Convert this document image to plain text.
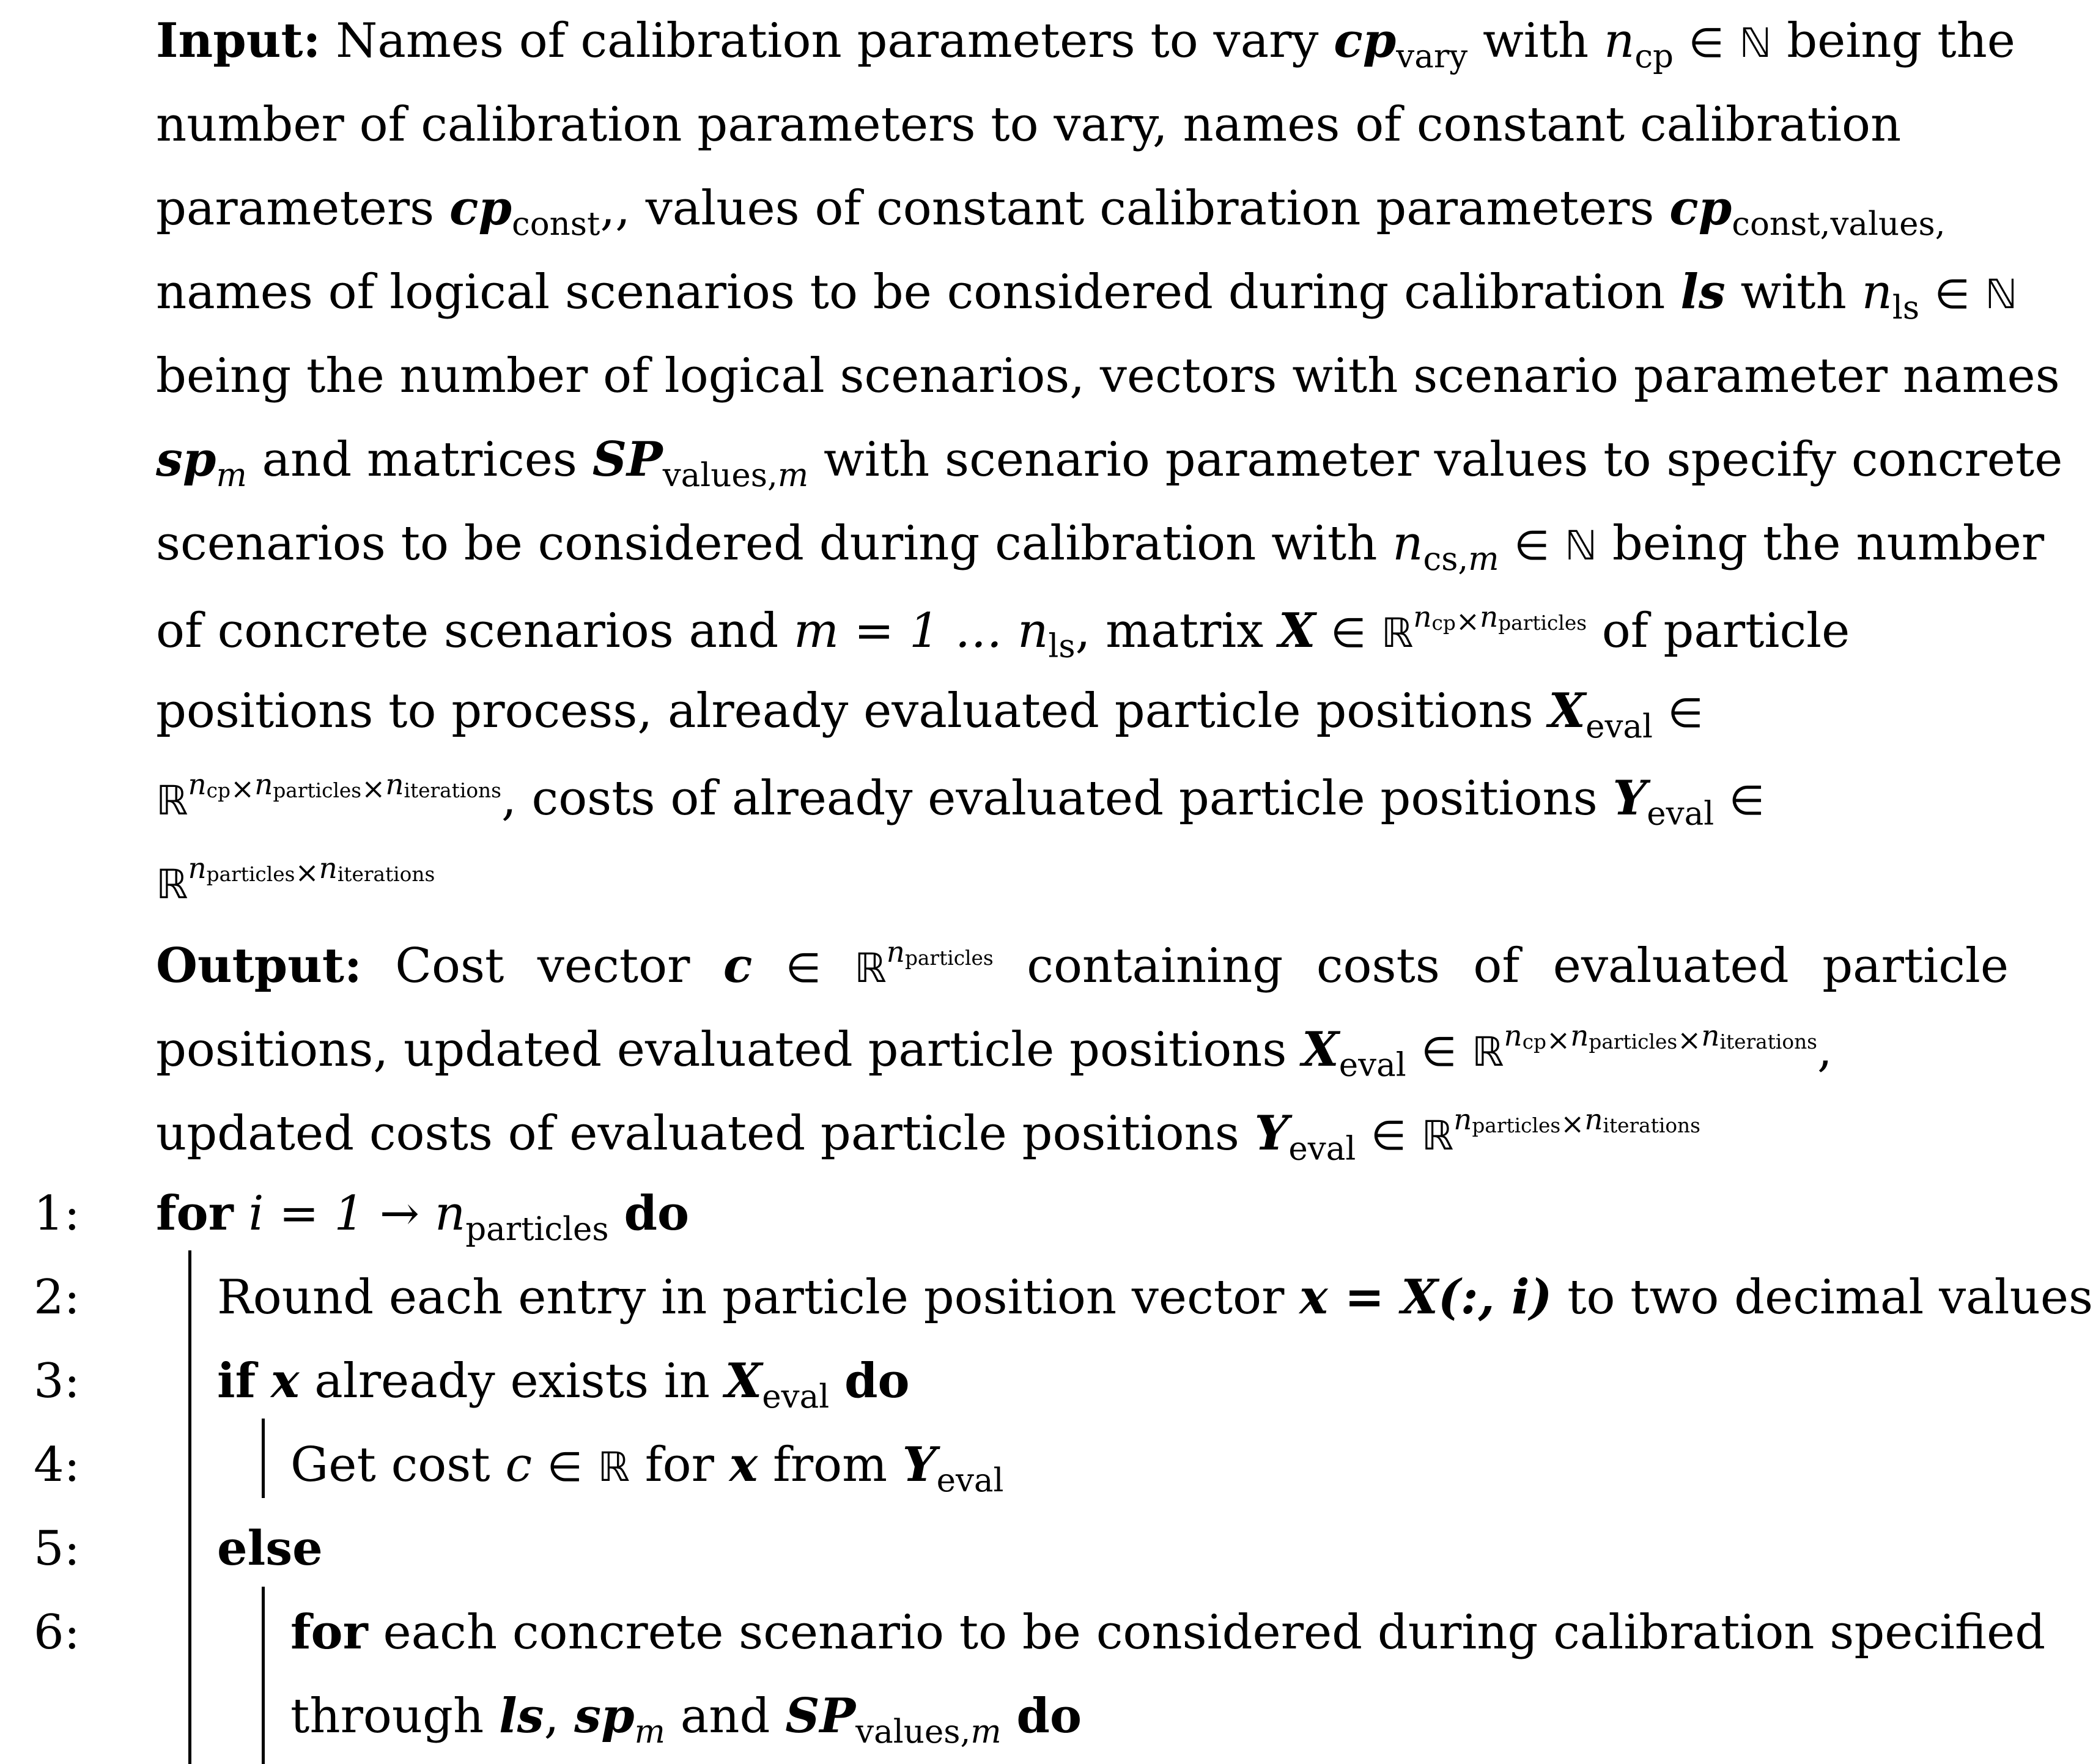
Input: Names of calibration parameters to vary $cp_{vary}$ with $n_{cp}$ ∈ ℕ being the
number of calibration parameters to vary, names of constant calibration
parameters $cp_{const}$,, values of constant calibration parameters $cp_{const,values,}$
names of logical scenarios to be considered during calibration ls with $n_{ls}$ ∈ ℕ
being the number of logical scenarios, vectors with scenario parameter names
$sp_m$ and matrices $SP_{values,m}$ with scenario parameter values to specify concrete
scenarios to be considered during calibration with $n_{cs,m}$ ∈ ℕ being the number
of concrete scenarios and m = 1 … $n_{ls}$, matrix X ∈ ℝ$^{ncp\times nparticles}$ of particle
positions to process, already evaluated particle positions $X_{eval}$ ∈
ℝ$^{ncp\times nparticles\times niterations}$, costs of already evaluated particle positions $Y_{eval}$ ∈
ℝ$^{nparticles\times niterations}$
Output: Cost vector c ∈ ℝ$^{nparticles}$ containing costs of evaluated particle
positions, updated evaluated particle positions $X_{eval}$ ∈ ℝ$^{ncp\times nparticles\times niterations}$,
updated costs of evaluated particle positions $Y_{eval}$ ∈ ℝ$^{nparticles\times niterations}$
1: for $i = 1 \to n_{particles}$ do
2:	Round each entry in particle position vector x = X(:, i) to two decimal values
3:	if x already exists in $X_{eval}$ do
4:	Get cost c ∈ ℝ for x from $Y_{eval}$
5:	else
6:	for each concrete scenario to be considered during calibration specified
through ls, $sp_m$ and $SP_{values,m}$ do
